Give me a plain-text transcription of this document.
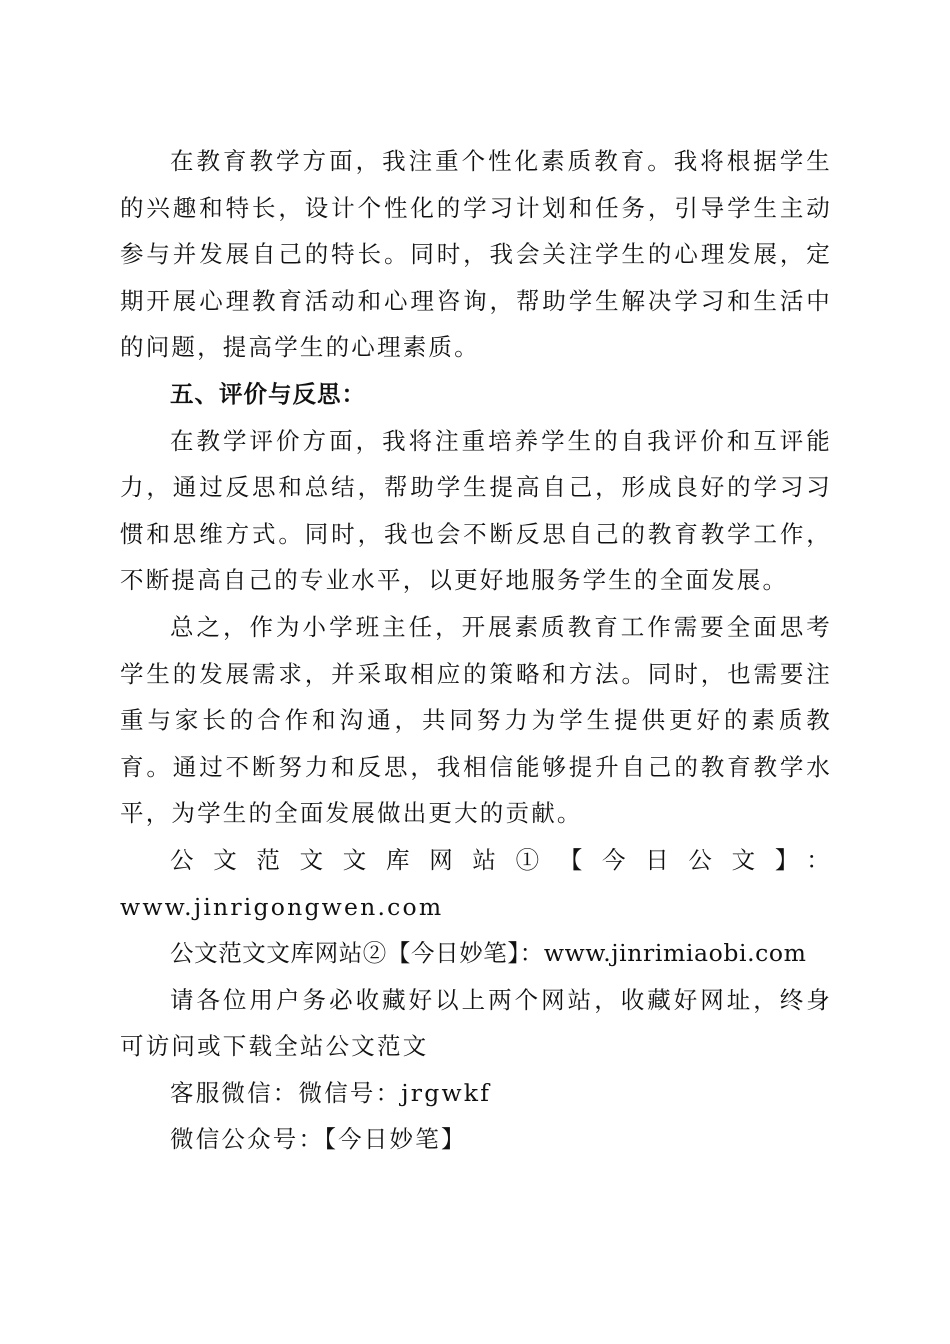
在教育教学方面，我注重个性化素质教育。我将根据学生的兴趣和特长，设计个性化的学习计划和任务，引导学生主动参与并发展自己的特长。同时，我会关注学生的心理发展，定期开展心理教育活动和心理咨询，帮助学生解决学习和生活中的问题，提高学生的心理素质。

五、评价与反思：

在教学评价方面，我将注重培养学生的自我评价和互评能力，通过反思和总结，帮助学生提高自己，形成良好的学习习惯和思维方式。同时，我也会不断反思自己的教育教学工作，不断提高自己的专业水平，以更好地服务学生的全面发展。

总之，作为小学班主任，开展素质教育工作需要全面思考学生的发展需求，并采取相应的策略和方法。同时，也需要注重与家长的合作和沟通，共同努力为学生提供更好的素质教育。通过不断努力和反思，我相信能够提升自己的教育教学水平，为学生的全面发展做出更大的贡献。

公文范文文库网站①【今日公文】：www.jinrigongwen.com

公文范文文库网站②【今日妙笔】：www.jinrimiaobi.com

请各位用户务必收藏好以上两个网站，收藏好网址，终身可访问或下载全站公文范文

客服微信：微信号：jrgwkf

微信公众号：【今日妙笔】
